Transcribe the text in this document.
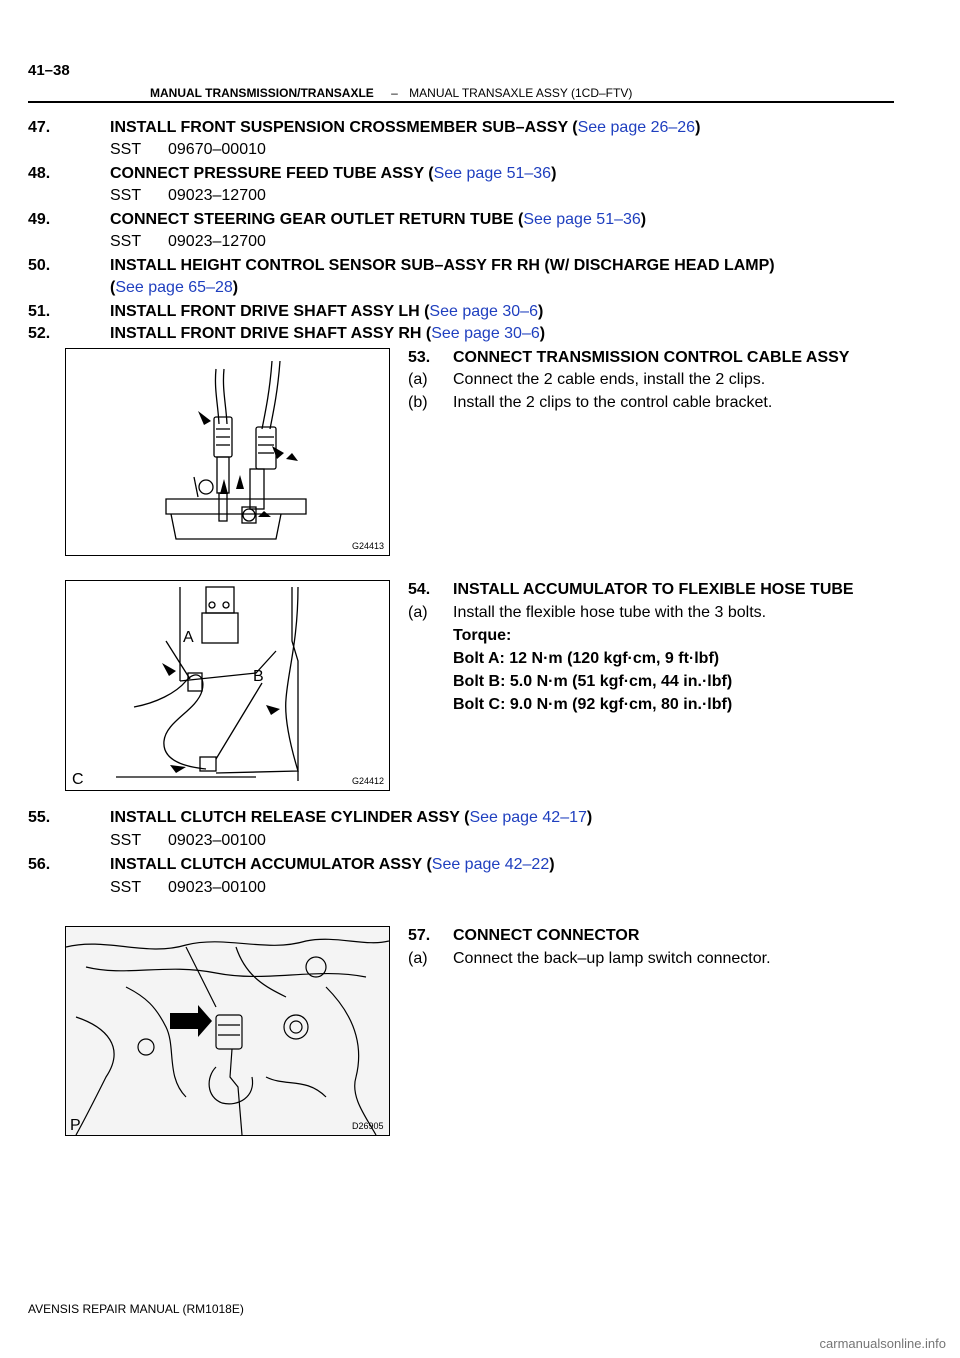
41–38
MANUAL TRANSMISSION/TRANSAXLE – MANUAL TRANSAXLE ASSY (1CD–FTV)
47.	INSTALL FRONT SUSPENSION CROSSMEMBER SUB–ASSY (See page 26–26)
SST 09670–00010
48.	CONNECT PRESSURE FEED TUBE ASSY (See page 51–36)
SST 09023–12700
49.	CONNECT STEERING GEAR OUTLET RETURN TUBE (See page 51–36)
SST 09023–12700
50.	INSTALL HEIGHT CONTROL SENSOR SUB–ASSY FR RH (W/ DISCHARGE HEAD LAMP)
(See page 65–28)
51.	INSTALL FRONT DRIVE SHAFT ASSY LH (See page 30–6)
52.	INSTALL FRONT DRIVE SHAFT ASSY RH (See page 30–6)
G24413
53. CONNECT TRANSMISSION CONTROL CABLE ASSY
(a) Connect the 2 cable ends, install the 2 clips.
(b) Install the 2 clips to the control cable bracket.
A
B
C	G24412
54. INSTALL ACCUMULATOR TO FLEXIBLE HOSE TUBE
(a) Install the flexible hose tube with the 3 bolts.
Torque:
Bolt A: 12 N·m (120 kgf·cm, 9 ft·lbf)
Bolt B: 5.0 N·m (51 kgf·cm, 44 in.·lbf)
Bolt C: 9.0 N·m (92 kgf·cm, 80 in.·lbf)
55.	INSTALL CLUTCH RELEASE CYLINDER ASSY (See page 42–17)
SST 09023–00100
56.	INSTALL CLUTCH ACCUMULATOR ASSY (See page 42–22)
SST 09023–00100
P	D26905
57. CONNECT CONNECTOR
(a) Connect the back–up lamp switch connector.
AVENSIS REPAIR MANUAL (RM1018E)
carmanualsonline.info
